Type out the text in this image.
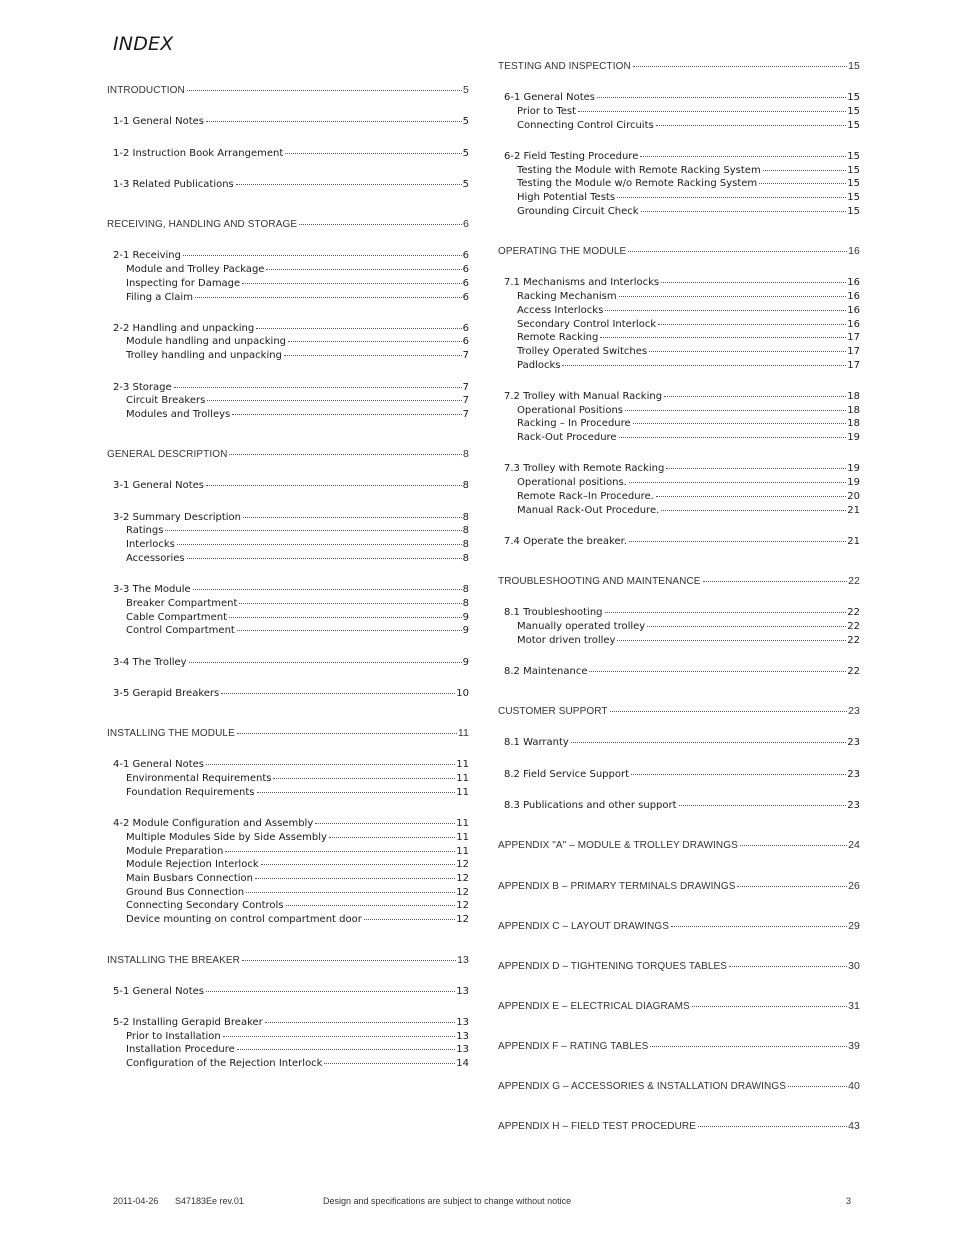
INDEX
INTRODUCTION	5
1-1 General Notes	5
1-2 Instruction Book Arrangement	5
1-3 Related Publications	5
RECEIVING, HANDLING AND STORAGE	6
2-1 Receiving	6
Module and Trolley Package	6
Inspecting for Damage	6
Filing a Claim	6
2-2 Handling and unpacking	6
Module handling and unpacking	6
Trolley handling and unpacking	7
2-3 Storage	7
Circuit Breakers	7
Modules and Trolleys	7
GENERAL DESCRIPTION	8
3-1 General Notes	8
3-2 Summary Description	8
Ratings	8
Interlocks	8
Accessories	8
3-3 The Module	8
Breaker Compartment	8
Cable Compartment	9
Control Compartment	9
3-4 The Trolley	9
3-5 Gerapid Breakers	10
INSTALLING THE MODULE	11
4-1 General Notes	11
Environmental Requirements	11
Foundation Requirements	11
4-2 Module Configuration and Assembly	11
Multiple Modules Side by Side Assembly	11
Module Preparation	11
Module Rejection Interlock	12
Main Busbars Connection	12
Ground Bus Connection	12
Connecting Secondary Controls	12
Device mounting on control compartment door	12
INSTALLING THE BREAKER	13
5-1 General Notes	13
5-2 Installing Gerapid Breaker	13
Prior to Installation	13
Installation Procedure	13
Configuration of the Rejection Interlock	14
TESTING AND INSPECTION	15
6-1 General Notes	15
Prior to Test	15
Connecting Control Circuits	15
6-2 Field Testing Procedure	15
Testing the Module with Remote Racking System	15
Testing the Module w/o Remote Racking System	15
High Potential Tests	15
Grounding Circuit Check	15
OPERATING THE MODULE	16
7.1 Mechanisms and Interlocks	16
Racking Mechanism	16
Access Interlocks	16
Secondary Control Interlock	16
Remote Racking	17
Trolley Operated Switches	17
Padlocks	17
7.2 Trolley with Manual Racking	18
Operational Positions	18
Racking – In Procedure	18
Rack-Out Procedure	19
7.3 Trolley with Remote Racking	19
Operational positions.	19
Remote Rack–In Procedure.	20
Manual Rack-Out Procedure.	21
7.4 Operate the breaker.	21
TROUBLESHOOTING AND MAINTENANCE	22
8.1 Troubleshooting	22
Manually operated trolley	22
Motor driven trolley	22
8.2 Maintenance	22
CUSTOMER SUPPORT	23
8.1 Warranty	23
8.2 Field Service Support	23
8.3 Publications and other support	23
APPENDIX "A" – MODULE & TROLLEY DRAWINGS	24
APPENDIX B – PRIMARY TERMINALS DRAWINGS	26
APPENDIX C – LAYOUT DRAWINGS	29
APPENDIX D – TIGHTENING TORQUES TABLES	30
APPENDIX E – ELECTRICAL DIAGRAMS	31
APPENDIX F – RATING TABLES	39
APPENDIX G – ACCESSORIES & INSTALLATION DRAWINGS	40
APPENDIX H – FIELD TEST PROCEDURE	43
2011-04-26 S47183Ee rev.01	Design and specifications are subject to change without notice	3
